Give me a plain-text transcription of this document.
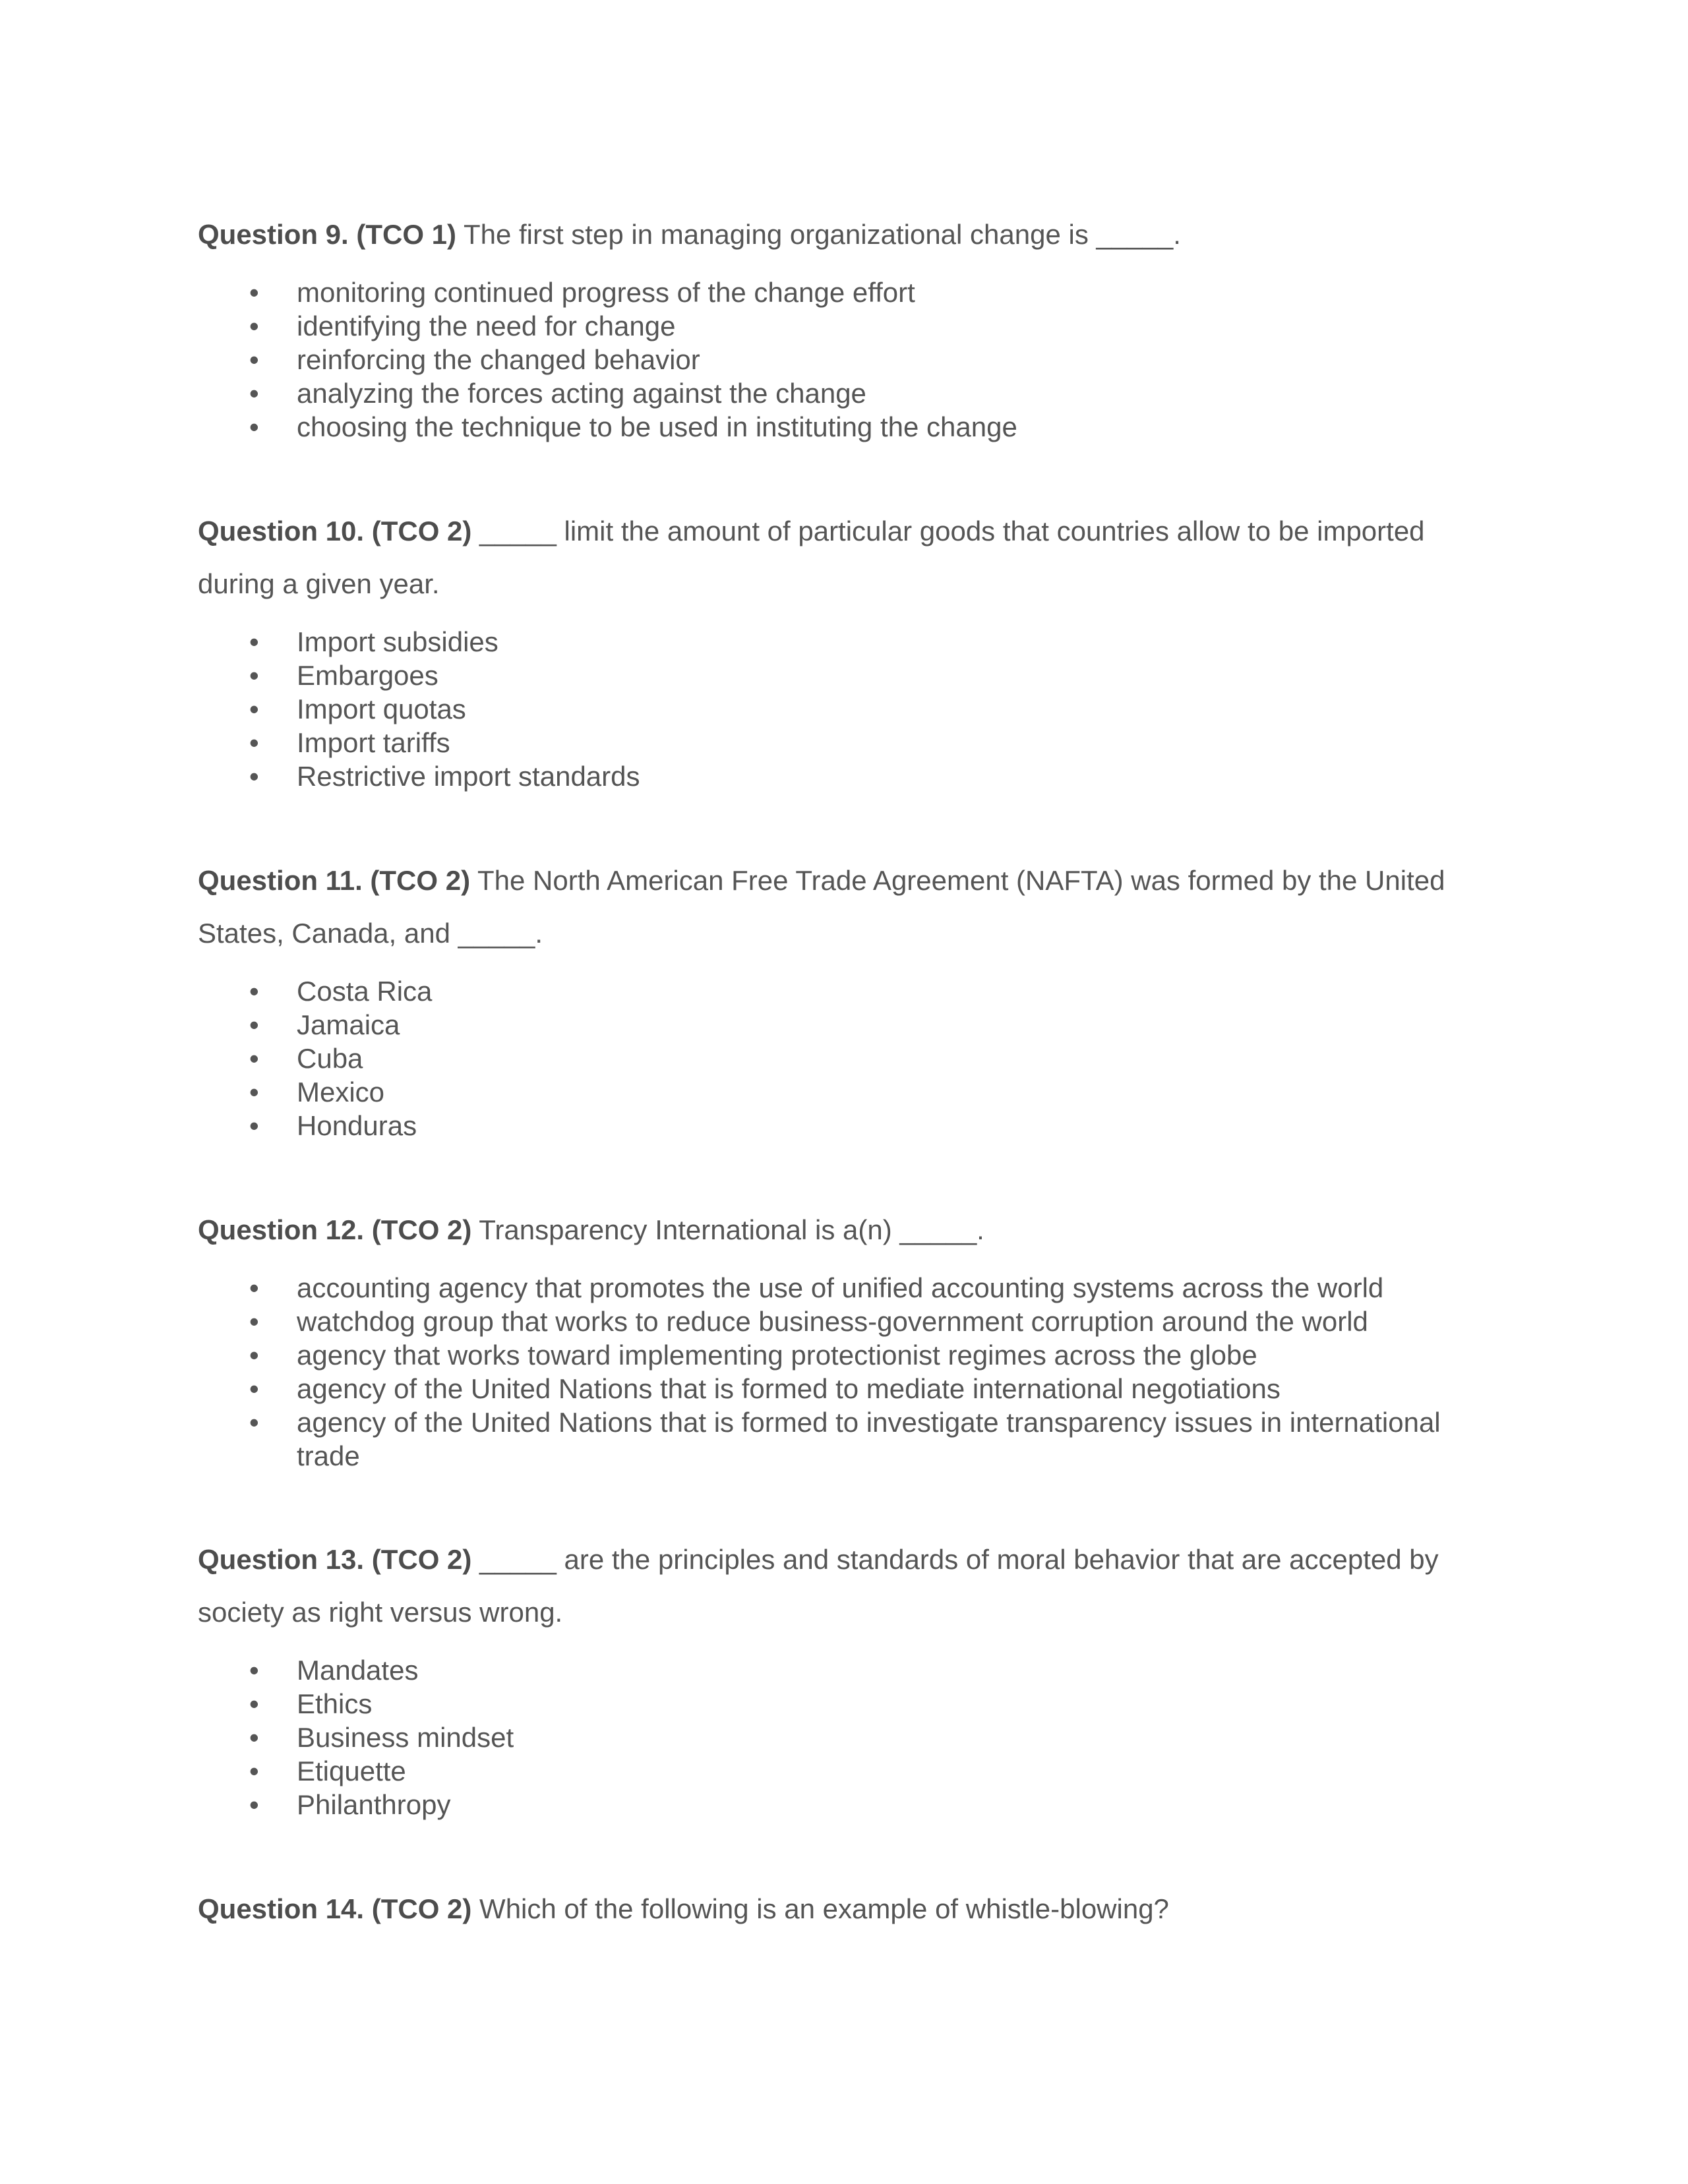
Question 9. (TCO 1) The first step in managing organizational change is _____.

• monitoring continued progress of the change effort
• identifying the need for change
• reinforcing the changed behavior
• analyzing the forces acting against the change
• choosing the technique to be used in instituting the change

Question 10. (TCO 2) _____ limit the amount of particular goods that countries allow to be imported during a given year.

• Import subsidies
• Embargoes
• Import quotas
• Import tariffs
• Restrictive import standards

Question 11. (TCO 2) The North American Free Trade Agreement (NAFTA) was formed by the United States, Canada, and _____.

• Costa Rica
• Jamaica
• Cuba
• Mexico
• Honduras

Question 12. (TCO 2) Transparency International is a(n) _____.

• accounting agency that promotes the use of unified accounting systems across the world
• watchdog group that works to reduce business-government corruption around the world
• agency that works toward implementing protectionist regimes across the globe
• agency of the United Nations that is formed to mediate international negotiations
• agency of the United Nations that is formed to investigate transparency issues in international trade

Question 13. (TCO 2) _____ are the principles and standards of moral behavior that are accepted by society as right versus wrong.

• Mandates
• Ethics
• Business mindset
• Etiquette
• Philanthropy

Question 14. (TCO 2) Which of the following is an example of whistle-blowing?
